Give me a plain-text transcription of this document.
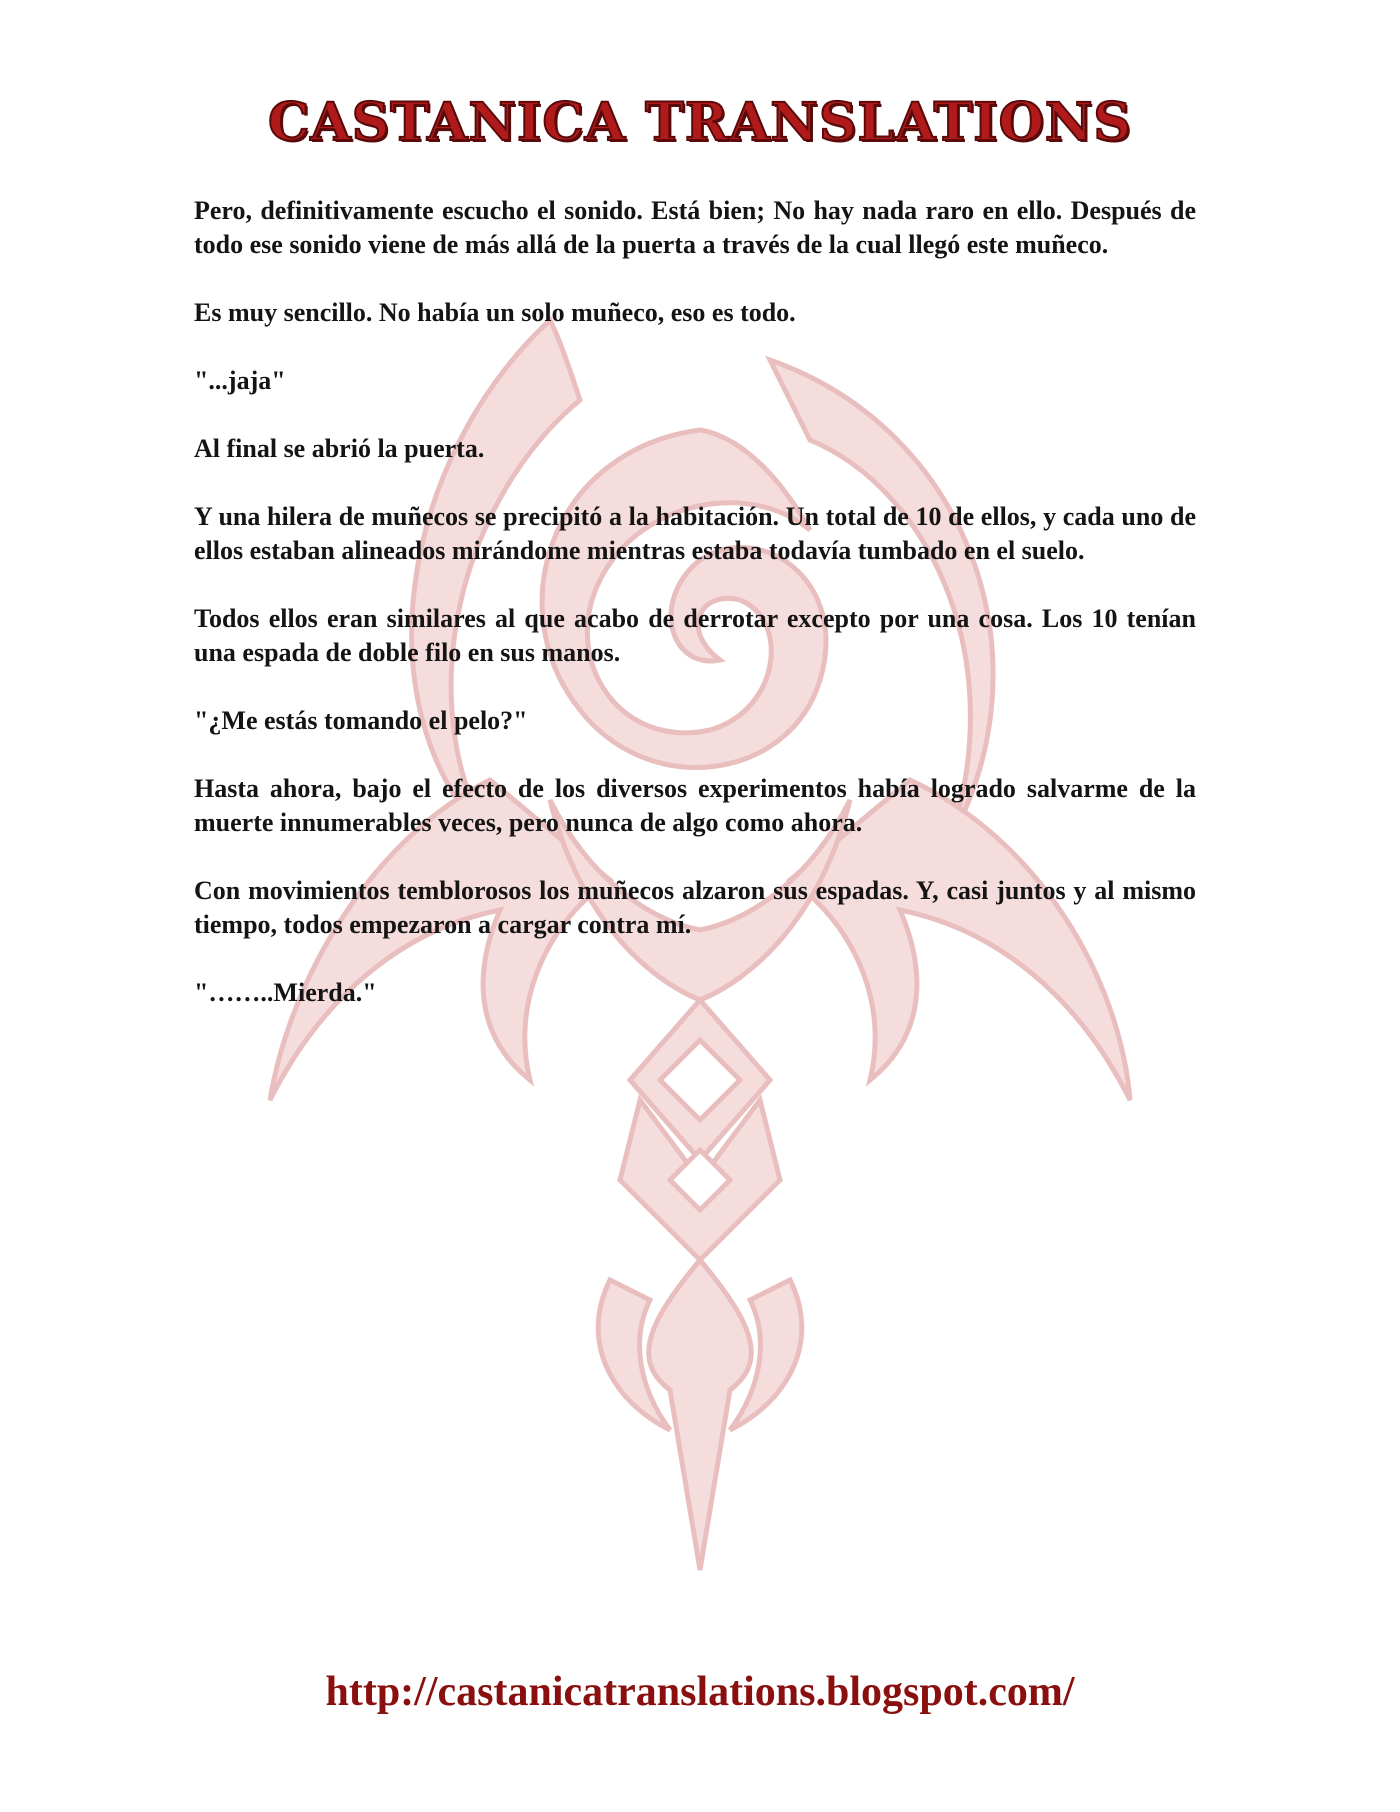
CASTANICA TRANSLATIONS

Pero, definitivamente escucho el sonido. Está bien; No hay nada raro en ello. Después de todo ese sonido viene de más allá de la puerta a través de la cual llegó este muñeco.

Es muy sencillo. No había un solo muñeco, eso es todo.

"...jaja"

Al final se abrió la puerta.

Y una hilera de muñecos se precipitó a la habitación. Un total de 10 de ellos, y cada uno de ellos estaban alineados mirándome mientras estaba todavía tumbado en el suelo.

Todos ellos eran similares al que acabo de derrotar excepto por una cosa. Los 10 tenían una espada de doble filo en sus manos.

"¿Me estás tomando el pelo?"

Hasta ahora, bajo el efecto de los diversos experimentos había logrado salvarme de la muerte innumerables veces, pero nunca de algo como ahora.

Con movimientos temblorosos los muñecos alzaron sus espadas. Y, casi juntos y al mismo tiempo, todos empezaron a cargar contra mí.

"……..Mierda."

http://castanicatranslations.blogspot.com/
